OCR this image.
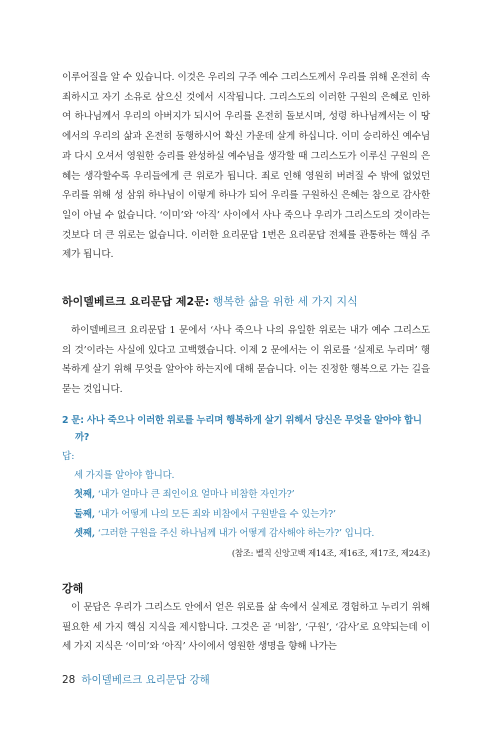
이루어질을 알 수 있습니다. 이것은 우리의 구주 예수 그리스도께서 우리를 위해 온전히 속죄하시고 자기 소유로 삼으신 것에서 시작됩니다. 그리스도의 이러한 구원의 은혜로 인하여 하나님께서 우리의 아버지가 되시어 우리를 온전히 돌보시며, 성령 하나님께서는 이 땅에서의 우리의 삶과 온전히 동행하시어 확신 가운데 살게 하십니다. 이미 승리하신 예수님과 다시 오셔서 영원한 승리를 완성하실 예수님을 생각할 때 그리스도가 이루신 구원의 은혜는 생각할수록 우리들에게 큰 위로가 됩니다. 죄로 인해 영원히 버려질 수 밖에 없었던 우리를 위해 성 삼위 하나님이 이렇게 하나가 되어 우리를 구원하신 은혜는 참으로 감사한 일이 아닐 수 없습니다. ‘이미’와 ‘아직’ 사이에서 사나 죽으나 우리가 그리스도의 것이라는 것보다 더 큰 위로는 없습니다. 이러한 요리문답 1번은 요리문답 전체를 관통하는 핵심 주제가 됩니다.

하이델베르크 요리문답 제2문: 행복한 삶을 위한 세 가지 지식

하이델베르크 요리문답 1 문에서 ‘사나 죽으나 나의 유일한 위로는 내가 예수 그리스도의 것’이라는 사실에 있다고 고백했습니다. 이제 2 문에서는 이 위로를 ‘실제로 누리며’ 행복하게 살기 위해 무엇을 알아야 하는지에 대해 묻습니다. 이는 진정한 행복으로 가는 길을 묻는 것입니다.

2 문: 사나 죽으나 이러한 위로를 누리며 행복하게 살기 위해서 당신은 무엇을 알아야 합니까?

답:
세 가지를 알아야 합니다.
첫째, ‘내가 얼마나 큰 죄인이요 얼마나 비참한 자인가?’
둘째, ‘내가 어떻게 나의 모든 죄와 비참에서 구원받을 수 있는가?’
셋째, ‘그러한 구원을 주신 하나님께 내가 어떻게 감사해야 하는가?’ 입니다.
(참조: 벨직 신앙고백 제14조, 제16조, 제17조, 제24조)
강해

이 문답은 우리가 그리스도 안에서 얻은 위로를 삶 속에서 실제로 경험하고 누리기 위해 필요한 세 가지 핵심 지식을 제시합니다. 그것은 곧 ‘비참’, ‘구원’, ‘감사’로 요약되는데 이 세 가지 지식은 ‘이미’와 ‘아직’ 사이에서 영원한 생명을 향해 나가는

28 하이델베르크 요리문답 강해
